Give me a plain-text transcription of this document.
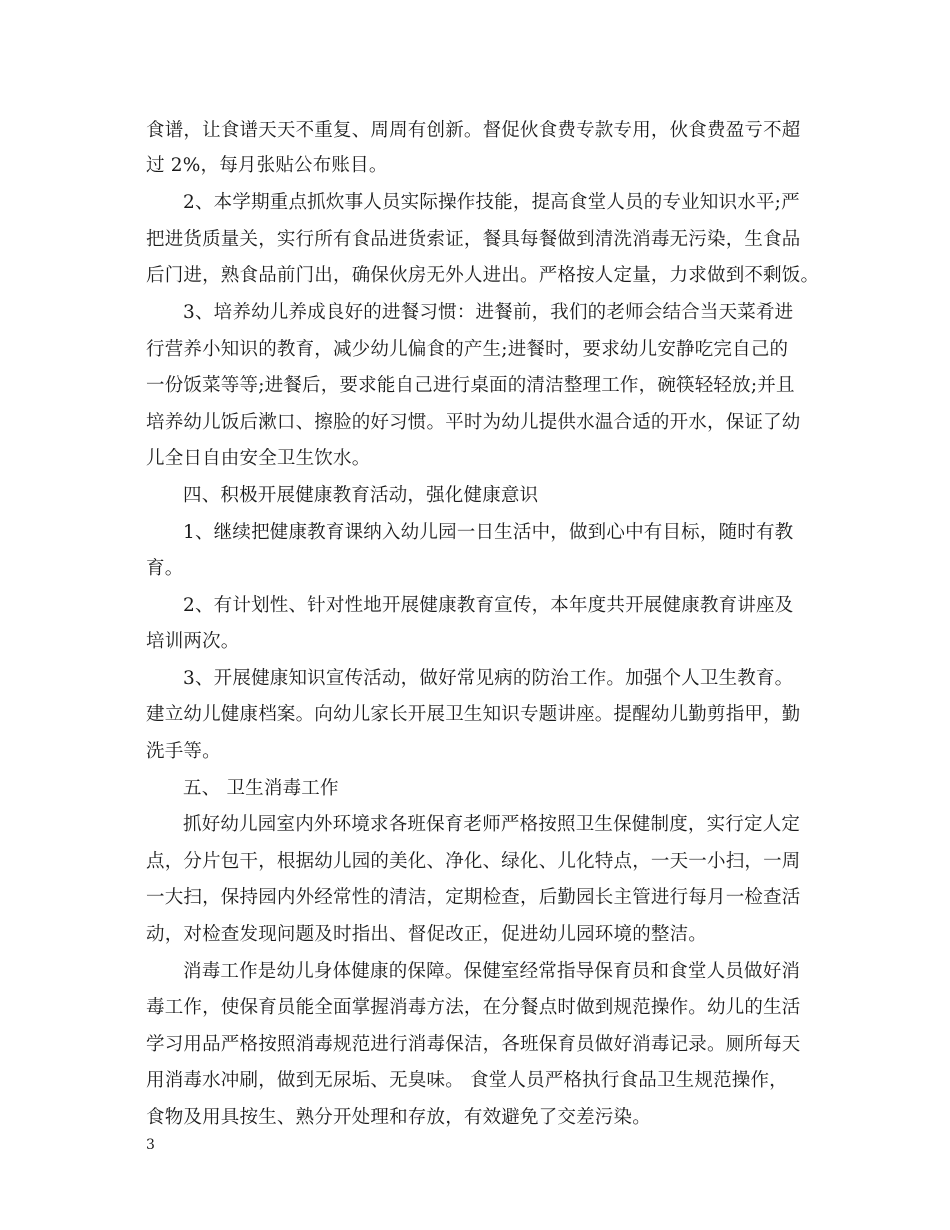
食谱，让食谱天天不重复、周周有创新。督促伙食费专款专用，伙食费盈亏不超
过 2%，每月张贴公布账目。
2、本学期重点抓炊事人员实际操作技能，提高食堂人员的专业知识水平;严
把进货质量关，实行所有食品进货索证，餐具每餐做到清洗消毒无污染，生食品
后门进，熟食品前门出，确保伙房无外人进出。严格按人定量，力求做到不剩饭。
3、培养幼儿养成良好的进餐习惯：进餐前，我们的老师会结合当天菜肴进
行营养小知识的教育，减少幼儿偏食的产生;进餐时，要求幼儿安静吃完自己的
一份饭菜等等;进餐后，要求能自己进行桌面的清洁整理工作，碗筷轻轻放;并且
培养幼儿饭后漱口、擦脸的好习惯。平时为幼儿提供水温合适的开水，保证了幼
儿全日自由安全卫生饮水。
四、积极开展健康教育活动，强化健康意识
1、继续把健康教育课纳入幼儿园一日生活中，做到心中有目标，随时有教
育。
2、有计划性、针对性地开展健康教育宣传，本年度共开展健康教育讲座及
培训两次。
3、开展健康知识宣传活动，做好常见病的防治工作。加强个人卫生教育。
建立幼儿健康档案。向幼儿家长开展卫生知识专题讲座。提醒幼儿勤剪指甲，勤
洗手等。
五、 卫生消毒工作
抓好幼儿园室内外环境求各班保育老师严格按照卫生保健制度，实行定人定
点，分片包干，根据幼儿园的美化、净化、绿化、儿化特点，一天一小扫，一周
一大扫，保持园内外经常性的清洁，定期检查，后勤园长主管进行每月一检查活
动，对检查发现问题及时指出、督促改正，促进幼儿园环境的整洁。
消毒工作是幼儿身体健康的保障。保健室经常指导保育员和食堂人员做好消
毒工作，使保育员能全面掌握消毒方法，在分餐点时做到规范操作。幼儿的生活
学习用品严格按照消毒规范进行消毒保洁，各班保育员做好消毒记录。厕所每天
用消毒水冲刷，做到无尿垢、无臭味。 食堂人员严格执行食品卫生规范操作，
食物及用具按生、熟分开处理和存放，有效避免了交差污染。
3
